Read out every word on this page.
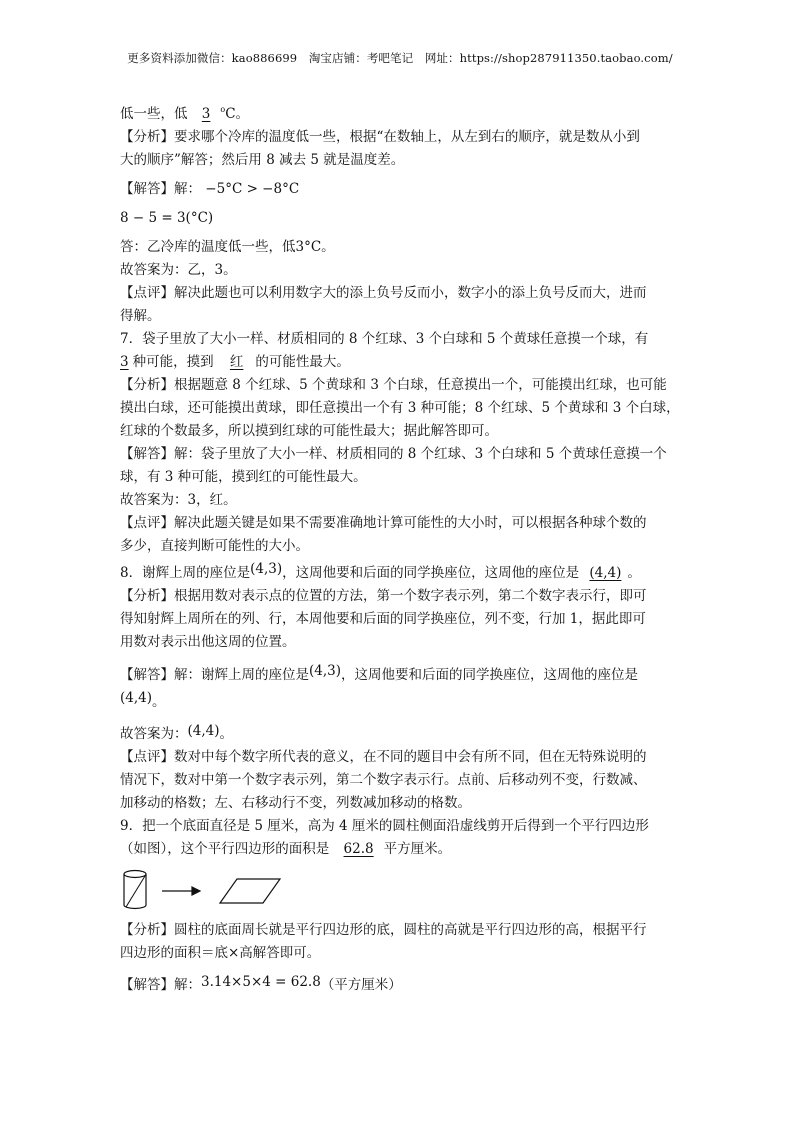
更多资料添加微信：kao886699　淘宝店铺：考吧笔记　网址：https://shop287911350.taobao.com/
低一些，低 3 $^o$C。
【分析】要求哪个冷库的温度低一些，根据“在数轴上，从左到右的顺序，就是数从小到
大的顺序”解答；然后用 8 减去 5 就是温度差。
【解答】解： −5°C > −8°C
8 − 5 = 3(°C)
答：乙冷库的温度低一些，低3°C。
故答案为：乙，3。
【点评】解决此题也可以利用数字大的添上负号反而小，数字小的添上负号反而大，进而
得解。
7．袋子里放了大小一样、材质相同的 8 个红球、3 个白球和 5 个黄球任意摸一个球，有
3 种可能，摸到 红 的可能性最大。
【分析】根据题意 8 个红球、5 个黄球和 3 个白球，任意摸出一个，可能摸出红球，也可能
摸出白球，还可能摸出黄球，即任意摸出一个有 3 种可能；8 个红球、5 个黄球和 3 个白球，
红球的个数最多，所以摸到红球的可能性最大；据此解答即可。
【解答】解：袋子里放了大小一样、材质相同的 8 个红球、3 个白球和 5 个黄球任意摸一个
球，有 3 种可能，摸到红的可能性最大。
故答案为：3，红。
【点评】解决此题关键是如果不需要准确地计算可能性的大小时，可以根据各种球个数的
多少，直接判断可能性的大小。
8．谢辉上周的座位是(4,3)，这周他要和后面的同学换座位，这周他的座位是 (4,4) 。
【分析】根据用数对表示点的位置的方法，第一个数字表示列，第二个数字表示行，即可
得知射辉上周所在的列、行，本周他要和后面的同学换座位，列不变，行加 1，据此即可
用数对表示出他这周的位置。
【解答】解：谢辉上周的座位是(4,3)，这周他要和后面的同学换座位，这周他的座位是
(4,4)。
故答案为：(4,4)。
【点评】数对中每个数字所代表的意义，在不同的题目中会有所不同，但在无特殊说明的
情况下，数对中第一个数字表示列，第二个数字表示行。点前、后移动列不变，行数减、
加移动的格数；左、右移动行不变，列数减加移动的格数。
9．把一个底面直径是 5 厘米，高为 4 厘米的圆柱侧面沿虚线剪开后得到一个平行四边形
（如图），这个平行四边形的面积是 62.8 平方厘米。
【分析】圆柱的底面周长就是平行四边形的底，圆柱的高就是平行四边形的高，根据平行
四边形的面积＝底×高解答即可。
【解答】解：3.14×5×4 = 62.8（平方厘米）
